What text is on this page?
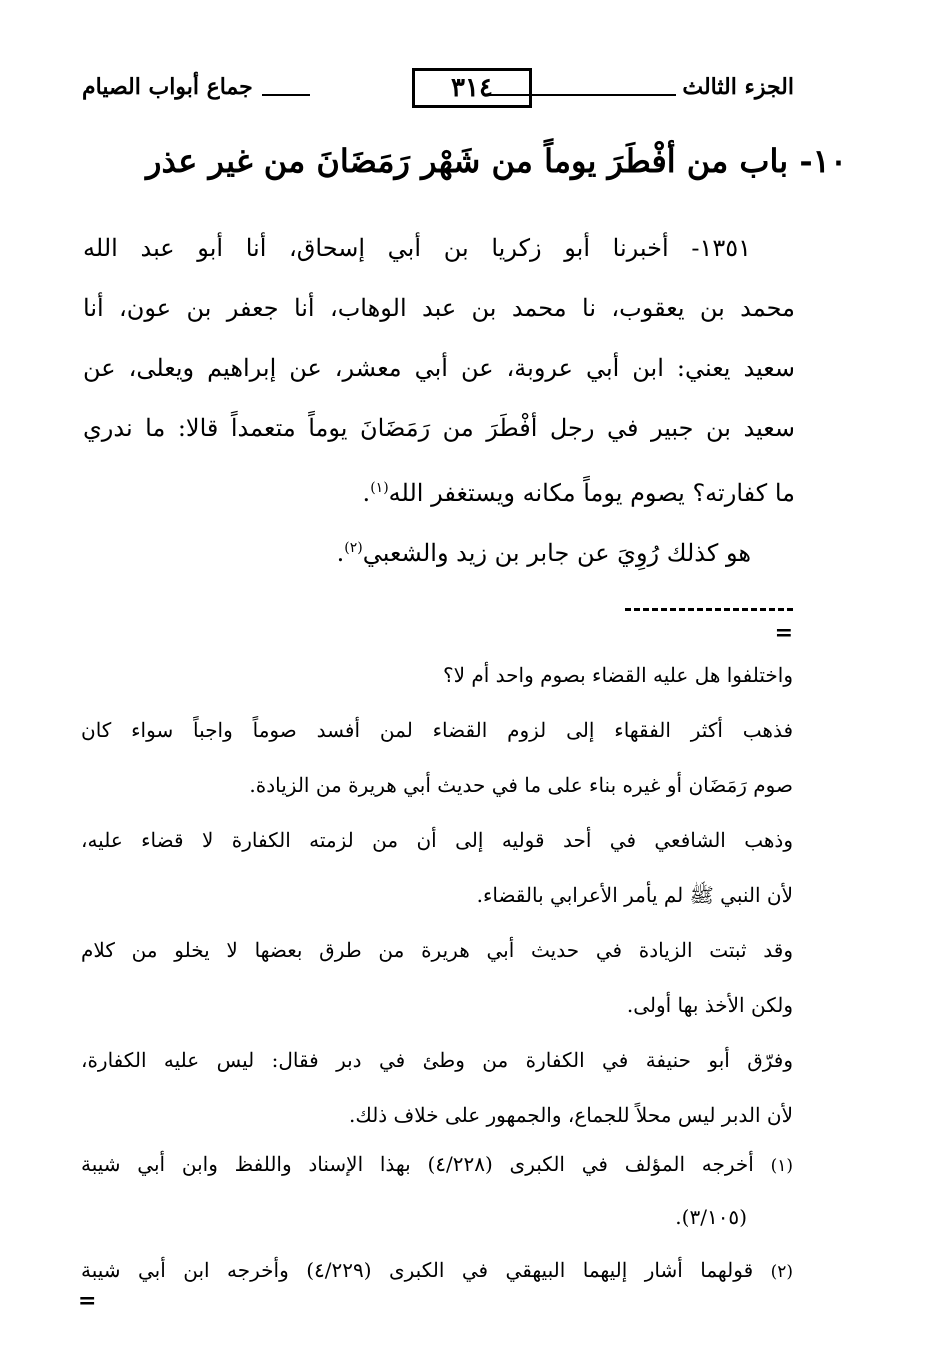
الجزء الثالث
٣١٤
جماع أبواب الصيام
١٠- باب من أفْطَرَ يوماً من شَهْر رَمَضَانَ من غير عذر
١٣٥١- أخبرنا أبو زكريا بن أبي إسحاق، أنا أبو عبد الله
محمد بن يعقوب، نا محمد بن عبد الوهاب، أنا جعفر بن عون، أنا
سعيد يعني: ابن أبي عروبة، عن أبي معشر، عن إبراهيم ويعلى، عن
سعيد بن جبير في رجل أفْطَرَ من رَمَضَانَ يوماً متعمداً قالا: ما ندري
ما كفارته؟ يصوم يوماً مكانه ويستغفر الله$^{(١)}$.
هو كذلك رُوِيَ عن جابر بن زيد والشعبي$^{(٢)}$.
=
واختلفوا هل عليه القضاء بصوم واحد أم لا؟
فذهب أكثر الفقهاء إلى لزوم القضاء لمن أفسد صوماً واجباً سواء كان
صوم رَمَضَان أو غيره بناء على ما في حديث أبي هريرة من الزيادة.
وذهب الشافعي في أحد قوليه إلى أن من لزمته الكفارة لا قضاء عليه،
لأن النبي ﷺ لم يأمر الأعرابي بالقضاء.
وقد ثبتت الزيادة في حديث أبي هريرة من طرق بعضها لا يخلو من كلام
ولكن الأخذ بها أولى.
وفرّق أبو حنيفة في الكفارة من وطئ في دبر فقال: ليس عليه الكفارة،
لأن الدبر ليس محلاً للجماع، والجمهور على خلاف ذلك.
(١) أخرجه المؤلف في الكبرى (٤/٢٢٨) بهذا الإسناد واللفظ وابن أبي شيبة
(٣/١٠٥).
(٢) قولهما أشار إليهما البيهقي في الكبرى (٤/٢٢٩) وأخرجه ابن أبي شيبة
=
